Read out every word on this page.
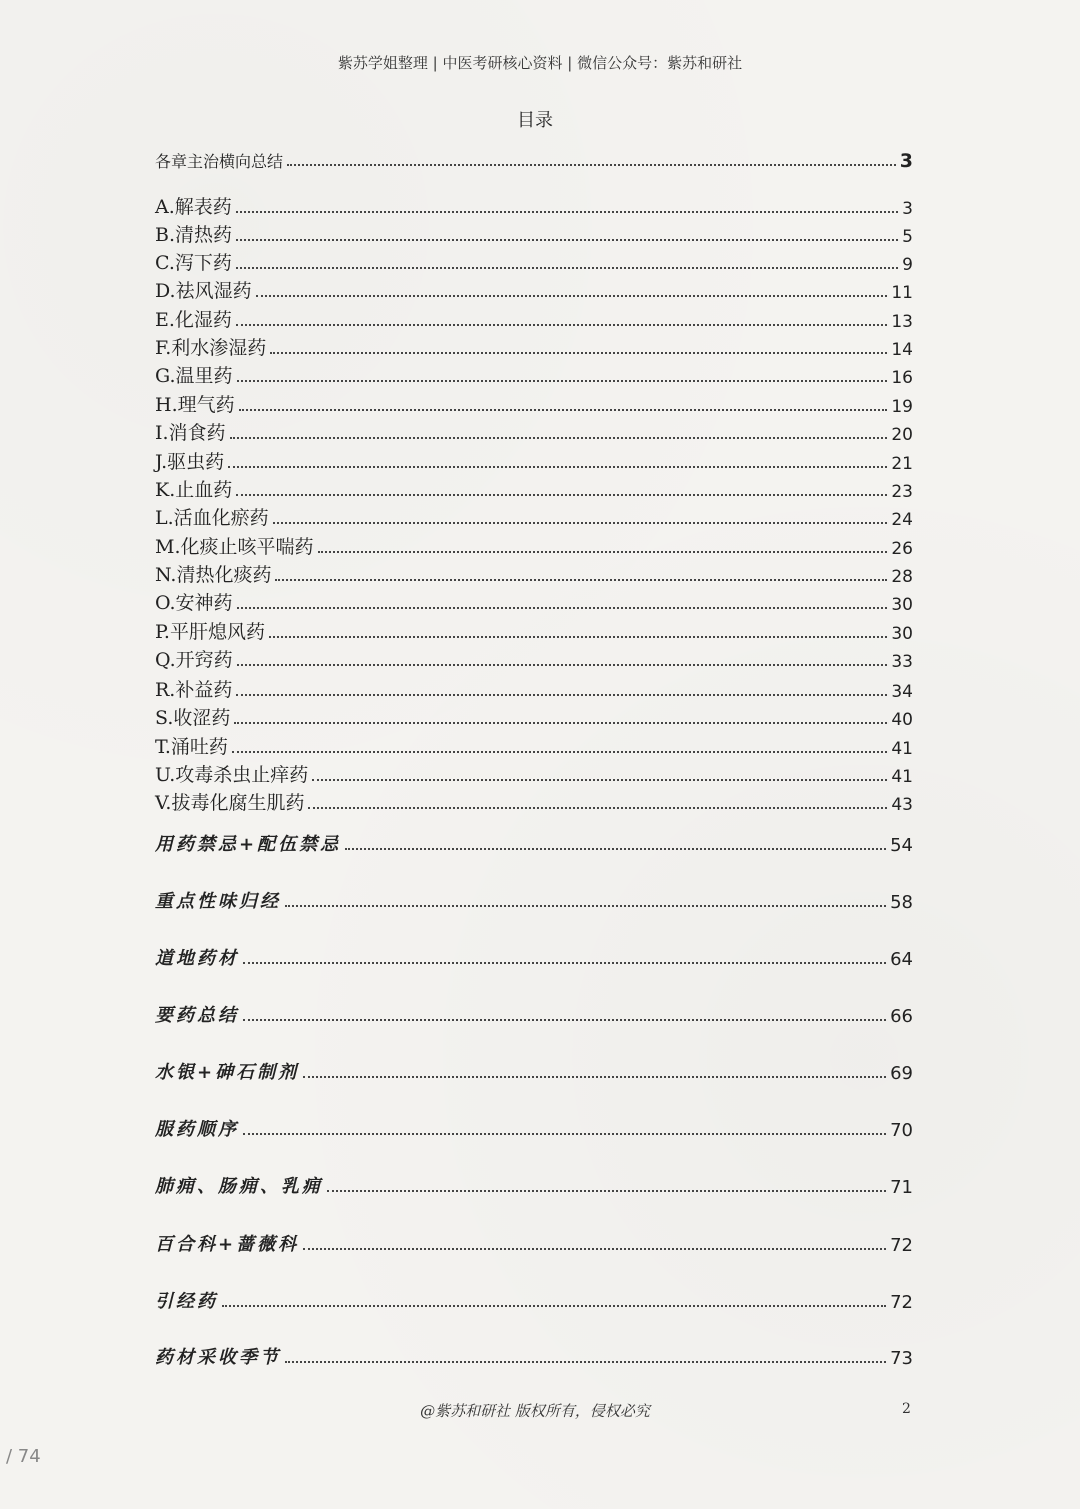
紫苏学姐整理 | 中医考研核心资料 | 微信公众号：紫苏和研社
目录
各章主治横向总结	3
A.解表药	3
B.清热药	5
C.泻下药	9
D.祛风湿药	11
E.化湿药	13
F.利水渗湿药	14
G.温里药	16
H.理气药	19
I.消食药	20
J.驱虫药	21
K.止血药	23
L.活血化瘀药	24
M.化痰止咳平喘药	26
N.清热化痰药	28
O.安神药	30
P.平肝熄风药	30
Q.开窍药	33
R.补益药	34
S.收涩药	40
T.涌吐药	41
U.攻毒杀虫止痒药	41
V.拔毒化腐生肌药	43
用药禁忌+配伍禁忌	54
重点性味归经	58
道地药材	64
要药总结	66
水银+砷石制剂	69
服药顺序	70
肺痈、肠痈、乳痈	71
百合科+蔷薇科	72
引经药	72
药材采收季节	73
@紫苏和研社 版权所有，侵权必究	2
/ 74
